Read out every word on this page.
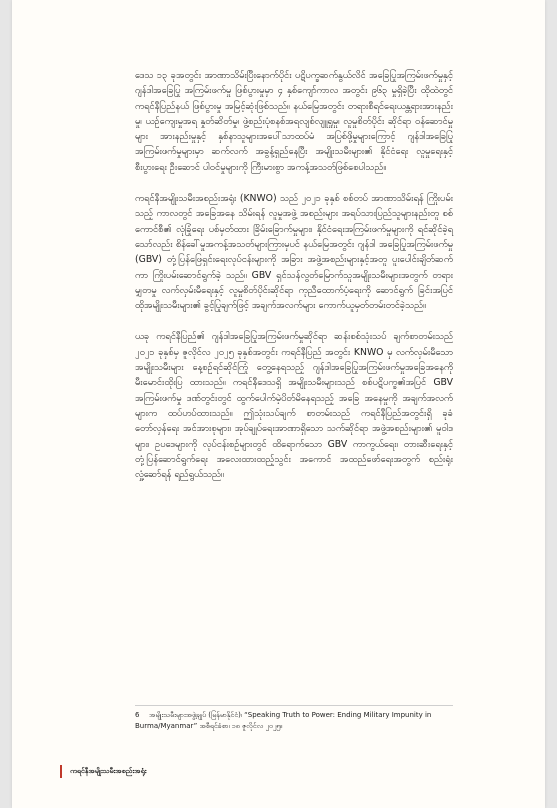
ဒေသ ၁၃ ခုအတွင်း အာဏာသိမ်းပြီးနောက်ပိုင်း ပဋိပက္ခဆက်နွယ်လိင် အခြေပြုအကြမ်းဖက်မှုနှင့် ဂျန်ဒါအခြေပြု အကြမ်းဖက်မှု ဖြစ်ပွားမှုမှာ ၄ နှစ်ကျော်ကာလ အတွင်း ၉၆၃ မှုရှိခဲ့ပြီး ထိုထဲတွင် ကရင်နီပြည်နယ် ဖြစ်ပွားမှု အမြင့်ဆုံးဖြစ်သည်။ နယ်မြေအတွင်း တရားစီရင်ရေးယန္တရားအားနည်းမှု၊ ယဉ်ကျေးမှုအရ နှုတ်ဆိတ်မှု၊ ဖွဲ့စည်းပုံစနစ်အရလျစ်လျူရှုမှု၊ လူမှုစိတ်ပိုင်း ဆိုင်ရာ ဝန်ဆောင်မှုများ အားနည်းမှုနှင့် နှစ်နာသူများအပေါ်သာထပ်မံ အပြစ်ဖို့မှုများကြောင့် ဂျန်ဒါအခြေပြုအကြမ်းဖက်မှုများမှာ ဆက်လက် အခွန့်ရှည်နေပြီး အမျိုးသမီးများ၏ နိုင်ငံရေး လူမှုရေးနှင့် စီးပွားရေး ဦးဆောင် ပါဝင်မှုများကို ကြီးမားစွာ အကန့်အသတ်ဖြစ်စေပါသည်။

ကရင်နီအမျိုးသမီးအစည်းအရုံး (KNWO) သည် ၂၀၂၁ ခုနှစ် စစ်တပ် အာဏာသိမ်းရန် ကြိုးပမ်းသည့် ကာလတွင် အခြေအနေ သိမ်းရန် လူမှုအဖွဲ့ အစည်းများ အရပ်သားပြည်သူများနည်းတူ စစ်ကောင်စီ၏ လုံခြုံရေး ပစ်မှတ်ထား ခြိမ်းခြောက်မှုများ၊ နိုင်ငံရေးအကြမ်းဖက်မှုများကို ရင်ဆိုင်ခဲ့ရ သော်လည်း စိန်ခေါ်မှုအကန့်အသတ်များကြားမှပင် နယ်မြေအတွင်း ဂျန်ဒါ အခြေပြုအကြမ်းဖက်မှု (GBV) တုံ့ပြန်ဖြေရှင်းရေးလုပ်ငန်းများကို အခြား အဖွဲ့အစည်းများနှင့်အတူ ပူးပေါင်းချိတ်ဆက်ကာ ကြိုးပမ်းဆောင်ရွက်ခဲ့ သည်။ GBV ရှင်သန်လွတ်မြောက်သူအမျိုးသမီးများအတွက် တရားမျှတမှု လက်လှမ်းမီရေးနှင့် လူမှုစိတ်ပိုင်းဆိုင်ရာ ကုညီထောက်ပံ့ရေးကို ဆောင်ရွက် ခြင်းအပြင် ထိုအမျိုးသမီးများ၏ ခွင့်ပြုချက်ဖြင့် အချက်အလက်များ ကောက်ယူမှတ်တမ်းတင်ခဲ့သည်။

ယခု ကရင်နီပြည်၏ ဂျန်ဒါအခြေပြုအကြမ်းဖက်မှုဆိုင်ရာ ဆန်းစစ်သုံးသပ် ချက်စာတမ်းသည် ၂၀၂၁ ခုနှစ်မှ ဇူလိုင်လ ၂၀၂၅ ခုနှစ်အတွင်း ကရင်နီပြည် အတွင်း KNWO မှ လက်လှမ်းမီသော အမျိုးသမီးများ နေ့စဉ်ရင်ဆိုင်ကြုံ တွေ့နေရသည့် ဂျန်ဒါအခြေပြုအကြမ်းဖက်မှုအခြေအနေကို မီးမောင်းထိုးပြ ထားသည်။ ကရင်နီဒေသရှိ အမျိုးသမီးများသည် စစ်ပဋိပက္ခ၏အပြင် GBV အကြမ်းဖက်မှု ဒဏ်တွင်းတွင် ထွက်ပေါက်မဲ့ပိတ်မိနေရသည့် အခြေ အနေမှုကို အချက်အလက်များက ထပ်ဟပ်ထားသည်။ ဤသုံးသပ်ချက် စာတမ်းသည် ကရင်နီပြည်အတွင်းရှိ ခုခံတော်လှန်ရေး အင်အားစုများ၊ အုပ်ချုပ်ရေးအာဏာရှိသော သက်ဆိုင်ရာ အဖွဲ့အစည်းများ၏ မူဝါဒများ၊ ဥပဒေများကို လုပ်ငန်းစဉ်များတွင် ထိရောက်သော GBV ကာကွယ်ရေး၊ တားဆီးရေးနှင့် တုံ့ပြန်ဆောင်ရွက်ရေး အလေးထားထည့်သွင်း အကောင် အထည်ဖော်ရေးအတွက် စည်းရုံးလှုံ့ဆော်ရန် ရည်ရွယ်သည်။

6 အမျိုးသမီးများအဖွဲ့ချုပ် (မြန်မာနိုင်ငံ)၊ “Speaking Truth to Power: Ending Military Impunity in Burma/Myanmar” အစီရင်ခံစာ၊ ၁၈ ဇူလိုင်လ ၂၀၂၅။
ကရင်နီအမျိုးသမီးအစည်းအရုံး
